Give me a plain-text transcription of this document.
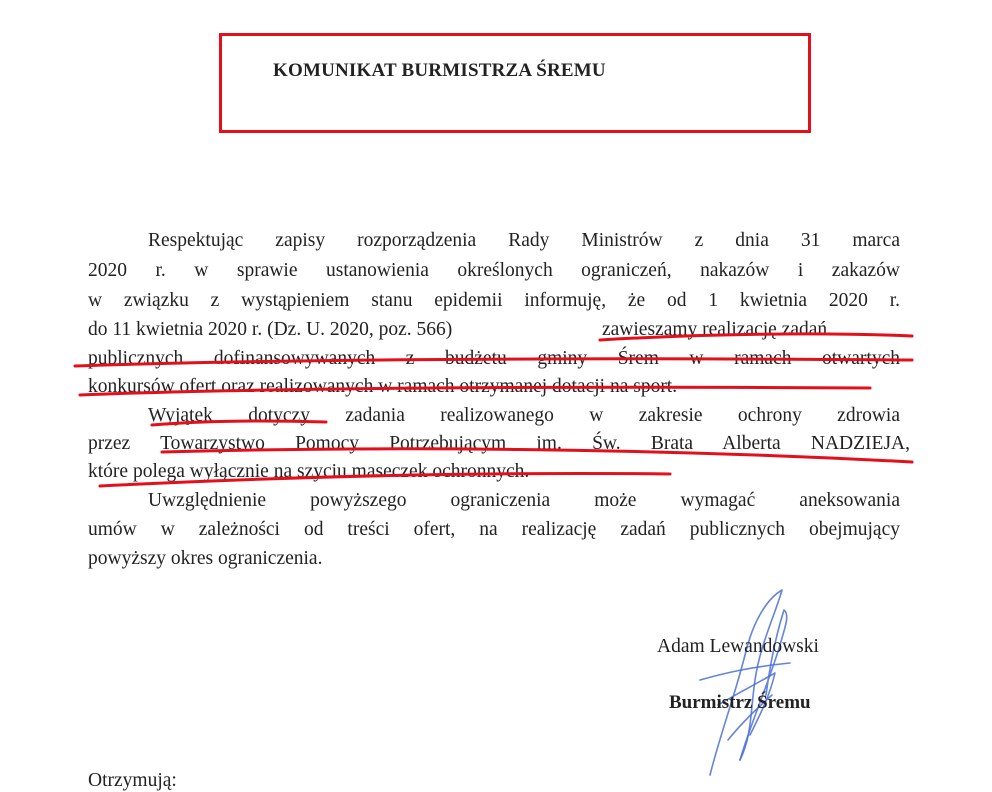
KOMUNIKAT BURMISTRZA ŚREMU
Respektując zapisy rozporządzenia Rady Ministrów z dnia 31 marca
2020 r. w sprawie ustanowienia określonych ograniczeń, nakazów i zakazów
w związku z wystąpieniem stanu epidemii informuję, że od 1 kwietnia 2020 r.
do 11 kwietnia 2020 r. (Dz. U. 2020, poz. 566)	zawieszamy realizację zadań
publicznych dofinansowywanych z budżetu gminy Śrem w ramach otwartych
konkursów ofert oraz realizowanych w ramach otrzymanej dotacji na sport.
Wyjątek dotyczy zadania realizowanego w zakresie ochrony zdrowia
przez Towarzystwo Pomocy Potrzebującym im. Św. Brata Alberta NADZIEJA,
które polega wyłącznie na szyciu maseczek ochronnych.
Uwzględnienie powyższego ograniczenia może wymagać aneksowania
umów w zależności od treści ofert, na realizację zadań publicznych obejmujący
powyższy okres ograniczenia.
Adam Lewandowski
Burmistrz Śremu
Otrzymują:
